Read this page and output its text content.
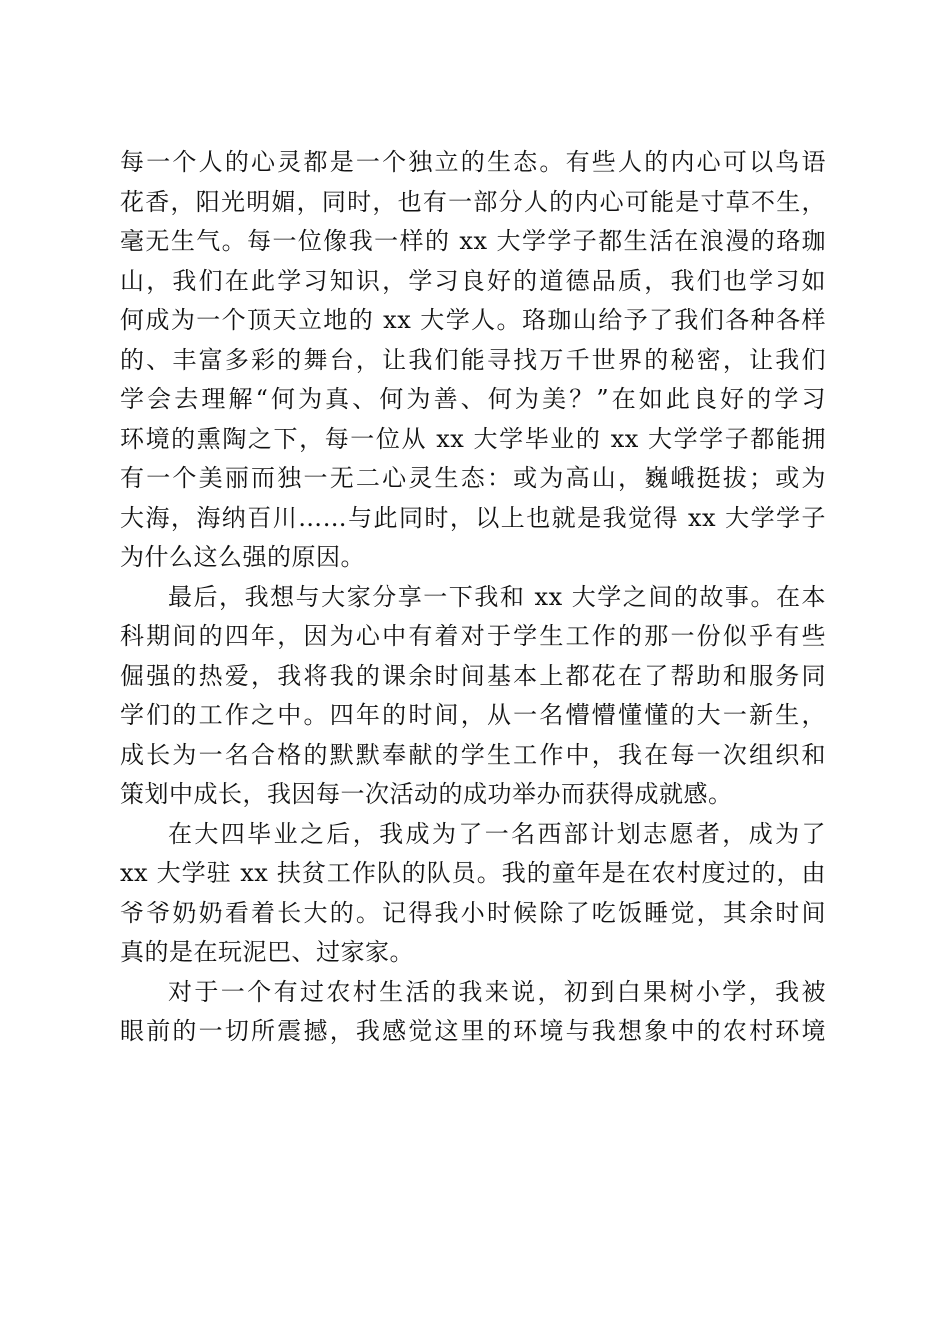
每一个人的心灵都是一个独立的生态。有些人的内心可以鸟语
花香，阳光明媚，同时，也有一部分人的内心可能是寸草不生，
毫无生气。每一位像我一样的 xx 大学学子都生活在浪漫的珞珈
山，我们在此学习知识，学习良好的道德品质，我们也学习如
何成为一个顶天立地的 xx 大学人。珞珈山给予了我们各种各样
的、丰富多彩的舞台，让我们能寻找万千世界的秘密，让我们
学会去理解“何为真、何为善、何为美？”在如此良好的学习
环境的熏陶之下，每一位从 xx 大学毕业的 xx 大学学子都能拥
有一个美丽而独一无二心灵生态：或为高山，巍峨挺拔；或为
大海，海纳百川……与此同时，以上也就是我觉得 xx 大学学子
为什么这么强的原因。
最后，我想与大家分享一下我和 xx 大学之间的故事。在本
科期间的四年，因为心中有着对于学生工作的那一份似乎有些
倔强的热爱，我将我的课余时间基本上都花在了帮助和服务同
学们的工作之中。四年的时间，从一名懵懵懂懂的大一新生，
成长为一名合格的默默奉献的学生工作中，我在每一次组织和
策划中成长，我因每一次活动的成功举办而获得成就感。
在大四毕业之后，我成为了一名西部计划志愿者，成为了
xx 大学驻 xx 扶贫工作队的队员。我的童年是在农村度过的，由
爷爷奶奶看着长大的。记得我小时候除了吃饭睡觉，其余时间
真的是在玩泥巴、过家家。
对于一个有过农村生活的我来说，初到白果树小学，我被
眼前的一切所震撼，我感觉这里的环境与我想象中的农村环境
